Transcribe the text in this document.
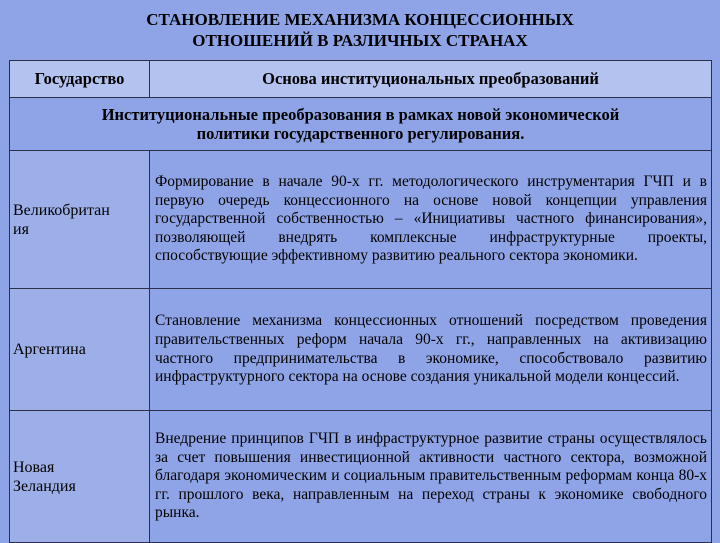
СТАНОВЛЕНИЕ МЕХАНИЗМА КОНЦЕССИОННЫХ
ОТНОШЕНИЙ В РАЗЛИЧНЫХ СТРАНАХ
Государство	Основа институциональных преобразований

Институциональные преобразования в рамках новой экономической
политики государственного регулирования.	

Великобритан
ия	Формирование в начале 90-х гг. методологического инструментария ГЧП и в первую очередь концессионного на основе новой концепции управления государственной собственностью – «Инициативы частного финансирования», позволяющей внедрять комплексные инфраструктурные проекты, способствующие эффективному развитию реального сектора экономики.

Аргентина	Становление механизма концессионных отношений посредством проведения правительственных реформ начала 90-х гг., направленных на активизацию частного предпринимательства в экономике, способствовало развитию инфраструктурного сектора на основе создания уникальной модели концессий.

Новая
Зеландия	Внедрение принципов ГЧП в инфраструктурное развитие страны осуществлялось за счет повышения инвестиционной активности частного сектора, возможной благодаря экономическим и социальным правительственным реформам конца 80-х гг. прошлого века, направленным на переход страны к экономике свободного рынка.
